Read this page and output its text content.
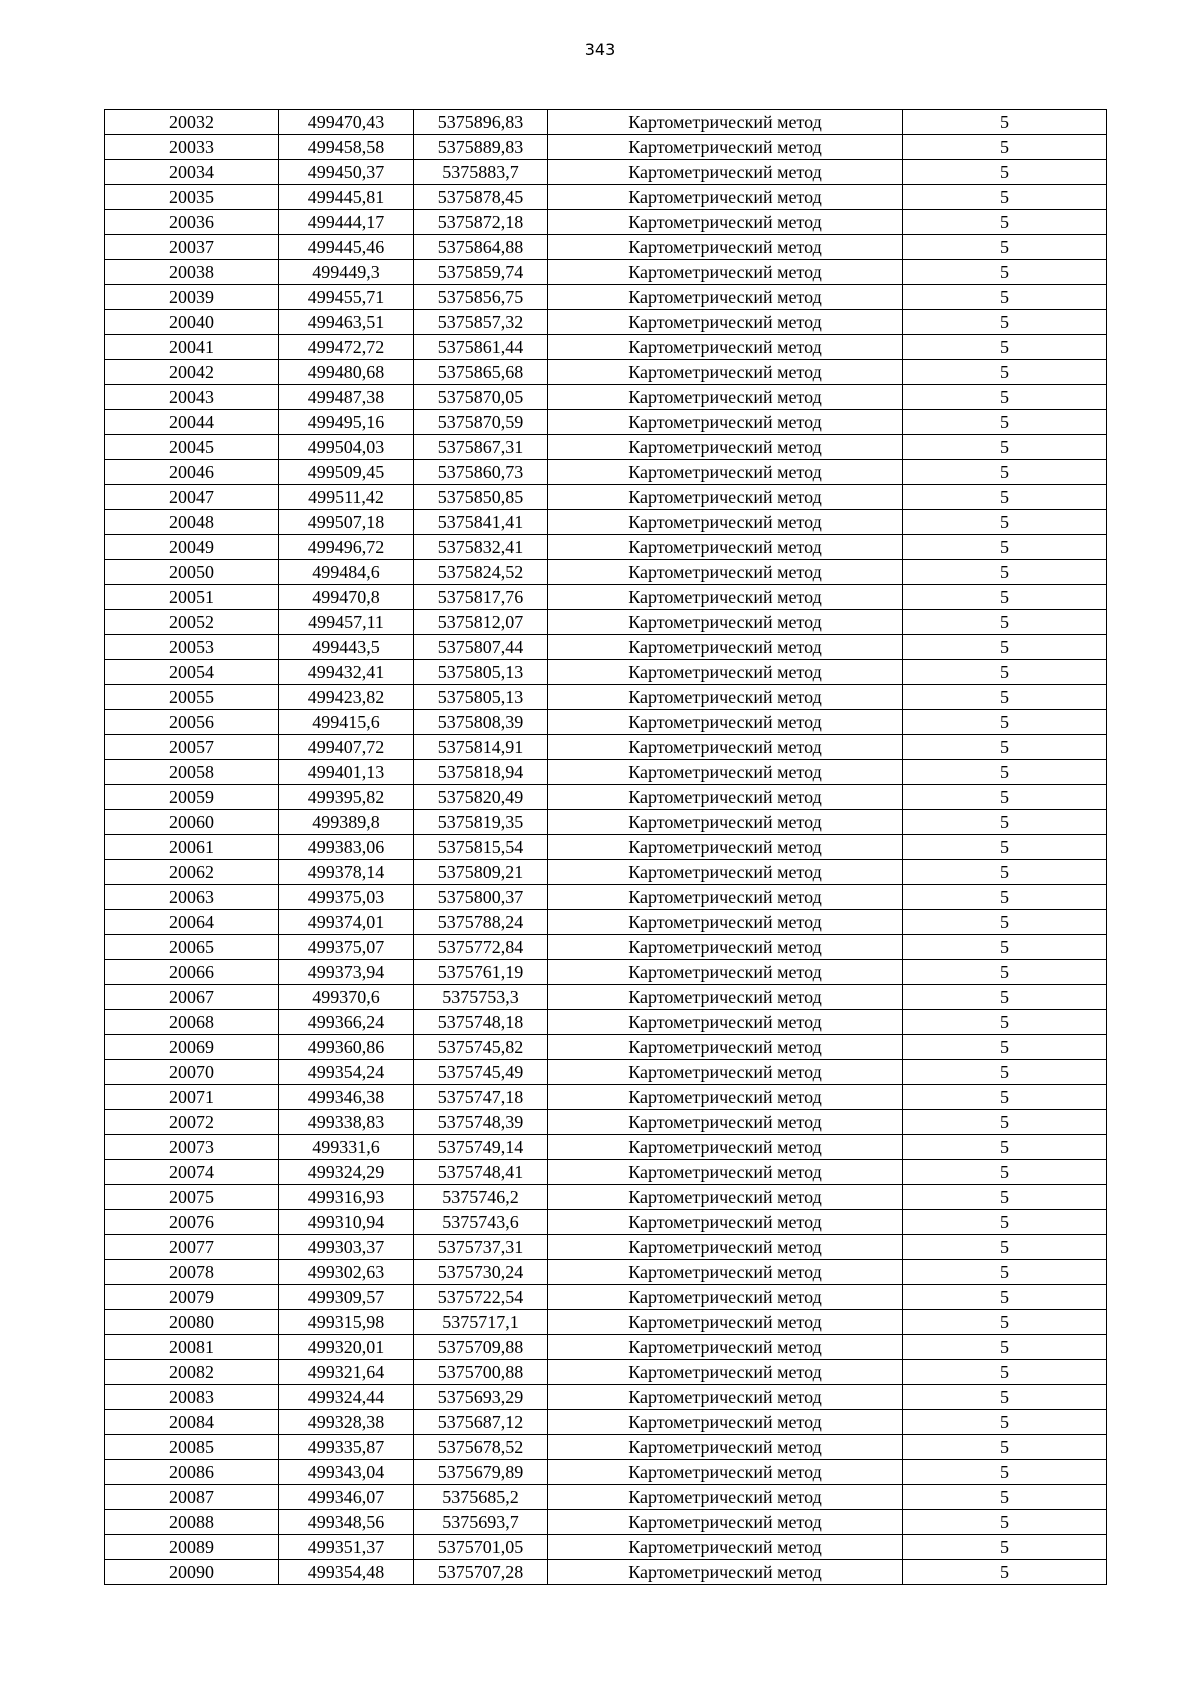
343
20032	499470,43	5375896,83	Картометрический метод	5
20033	499458,58	5375889,83	Картометрический метод	5
20034	499450,37	5375883,7	Картометрический метод	5
20035	499445,81	5375878,45	Картометрический метод	5
20036	499444,17	5375872,18	Картометрический метод	5
20037	499445,46	5375864,88	Картометрический метод	5
20038	499449,3	5375859,74	Картометрический метод	5
20039	499455,71	5375856,75	Картометрический метод	5
20040	499463,51	5375857,32	Картометрический метод	5
20041	499472,72	5375861,44	Картометрический метод	5
20042	499480,68	5375865,68	Картометрический метод	5
20043	499487,38	5375870,05	Картометрический метод	5
20044	499495,16	5375870,59	Картометрический метод	5
20045	499504,03	5375867,31	Картометрический метод	5
20046	499509,45	5375860,73	Картометрический метод	5
20047	499511,42	5375850,85	Картометрический метод	5
20048	499507,18	5375841,41	Картометрический метод	5
20049	499496,72	5375832,41	Картометрический метод	5
20050	499484,6	5375824,52	Картометрический метод	5
20051	499470,8	5375817,76	Картометрический метод	5
20052	499457,11	5375812,07	Картометрический метод	5
20053	499443,5	5375807,44	Картометрический метод	5
20054	499432,41	5375805,13	Картометрический метод	5
20055	499423,82	5375805,13	Картометрический метод	5
20056	499415,6	5375808,39	Картометрический метод	5
20057	499407,72	5375814,91	Картометрический метод	5
20058	499401,13	5375818,94	Картометрический метод	5
20059	499395,82	5375820,49	Картометрический метод	5
20060	499389,8	5375819,35	Картометрический метод	5
20061	499383,06	5375815,54	Картометрический метод	5
20062	499378,14	5375809,21	Картометрический метод	5
20063	499375,03	5375800,37	Картометрический метод	5
20064	499374,01	5375788,24	Картометрический метод	5
20065	499375,07	5375772,84	Картометрический метод	5
20066	499373,94	5375761,19	Картометрический метод	5
20067	499370,6	5375753,3	Картометрический метод	5
20068	499366,24	5375748,18	Картометрический метод	5
20069	499360,86	5375745,82	Картометрический метод	5
20070	499354,24	5375745,49	Картометрический метод	5
20071	499346,38	5375747,18	Картометрический метод	5
20072	499338,83	5375748,39	Картометрический метод	5
20073	499331,6	5375749,14	Картометрический метод	5
20074	499324,29	5375748,41	Картометрический метод	5
20075	499316,93	5375746,2	Картометрический метод	5
20076	499310,94	5375743,6	Картометрический метод	5
20077	499303,37	5375737,31	Картометрический метод	5
20078	499302,63	5375730,24	Картометрический метод	5
20079	499309,57	5375722,54	Картометрический метод	5
20080	499315,98	5375717,1	Картометрический метод	5
20081	499320,01	5375709,88	Картометрический метод	5
20082	499321,64	5375700,88	Картометрический метод	5
20083	499324,44	5375693,29	Картометрический метод	5
20084	499328,38	5375687,12	Картометрический метод	5
20085	499335,87	5375678,52	Картометрический метод	5
20086	499343,04	5375679,89	Картометрический метод	5
20087	499346,07	5375685,2	Картометрический метод	5
20088	499348,56	5375693,7	Картометрический метод	5
20089	499351,37	5375701,05	Картометрический метод	5
20090	499354,48	5375707,28	Картометрический метод	5
